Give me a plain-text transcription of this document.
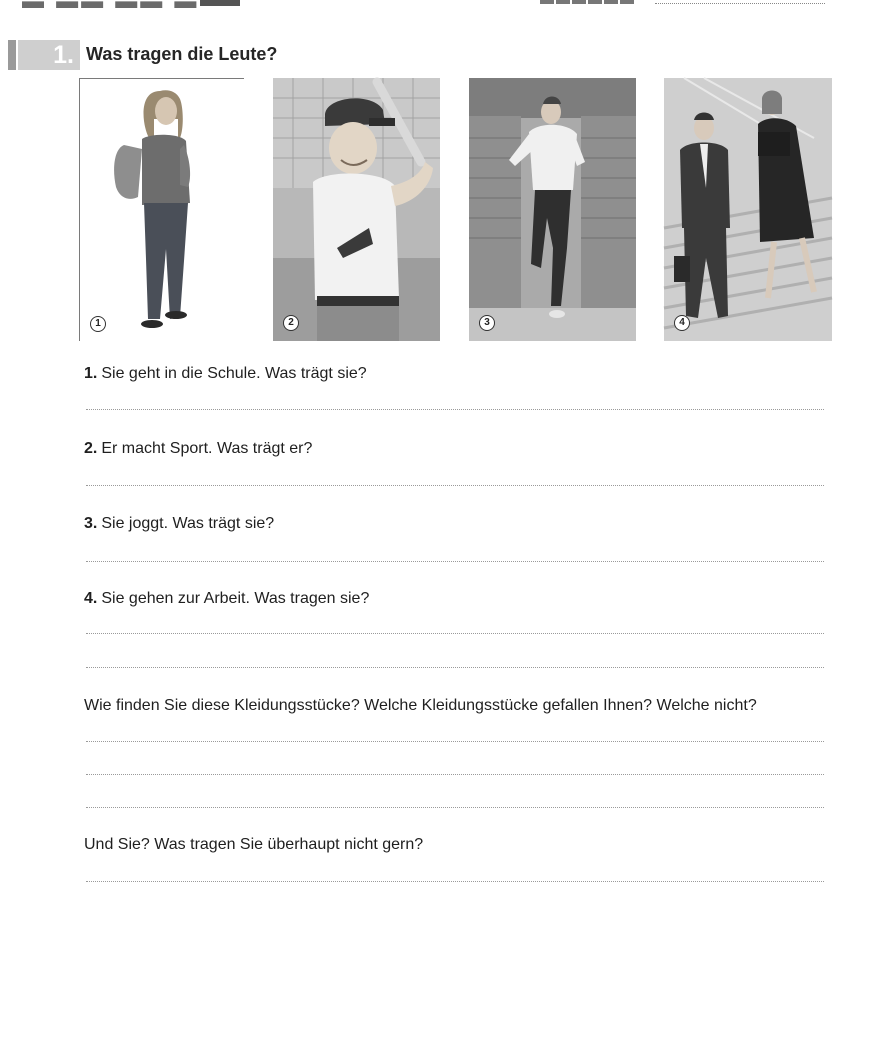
▬ ▬▬ ▬▬ ▬
1. Was tragen die Leute?
1	2	3	4
1. Sie geht in die Schule. Was trägt sie?
2. Er macht Sport. Was trägt er?
3. Sie joggt. Was trägt sie?
4. Sie gehen zur Arbeit. Was tragen sie?
Wie finden Sie diese Kleidungsstücke? Welche Kleidungsstücke gefallen Ihnen? Welche nicht?
Und Sie? Was tragen Sie überhaupt nicht gern?
